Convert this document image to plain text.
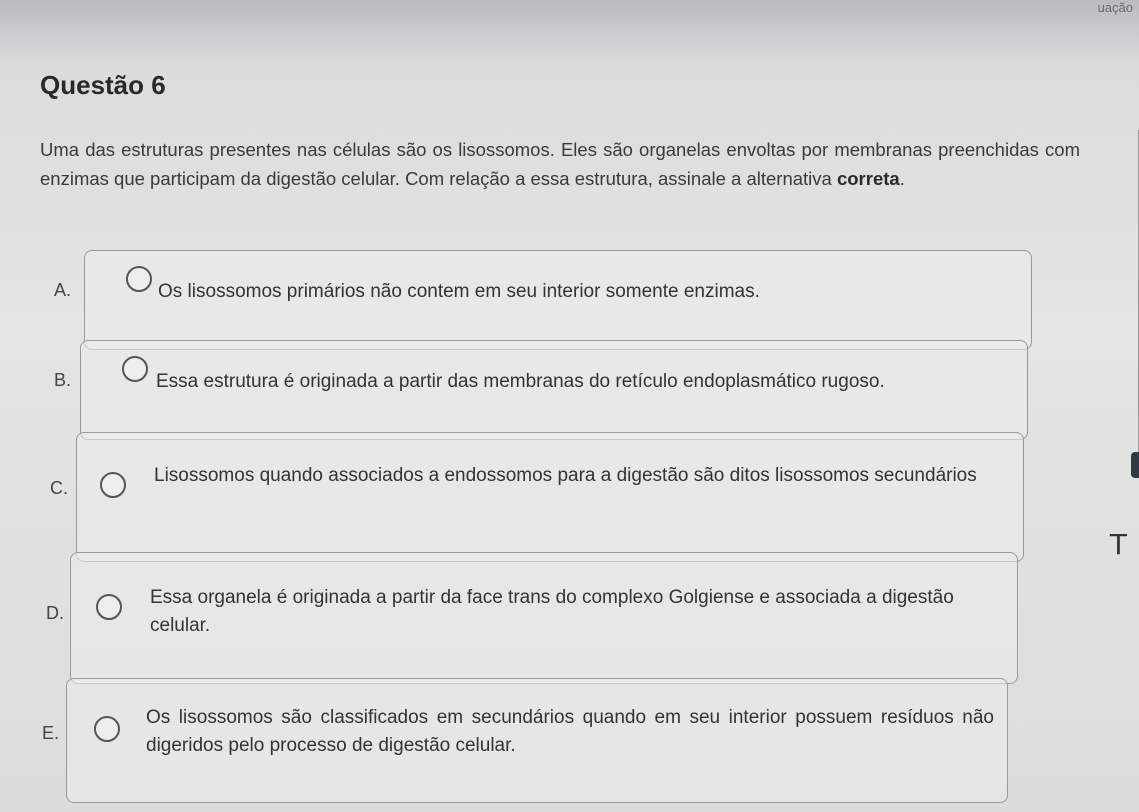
uação
Questão 6

Uma das estruturas presentes nas células são os lisossomos. Eles são organelas envoltas por membranas preenchidas com enzimas que participam da digestão celular. Com relação a essa estrutura, assinale a alternativa correta.

A.	Os lisossomos primários não contem em seu interior somente enzimas.
B.	Essa estrutura é originada a partir das membranas do retículo endoplasmático rugoso.
C.
Lisossomos quando associados a endossomos para a digestão são ditos lisossomos secundários
D.
Essa organela é originada a partir da face trans do complexo Golgiense e associada a digestão celular.
E.
Os lisossomos são classificados em secundários quando em seu interior possuem resíduos não digeridos pelo processo de digestão celular.
T
